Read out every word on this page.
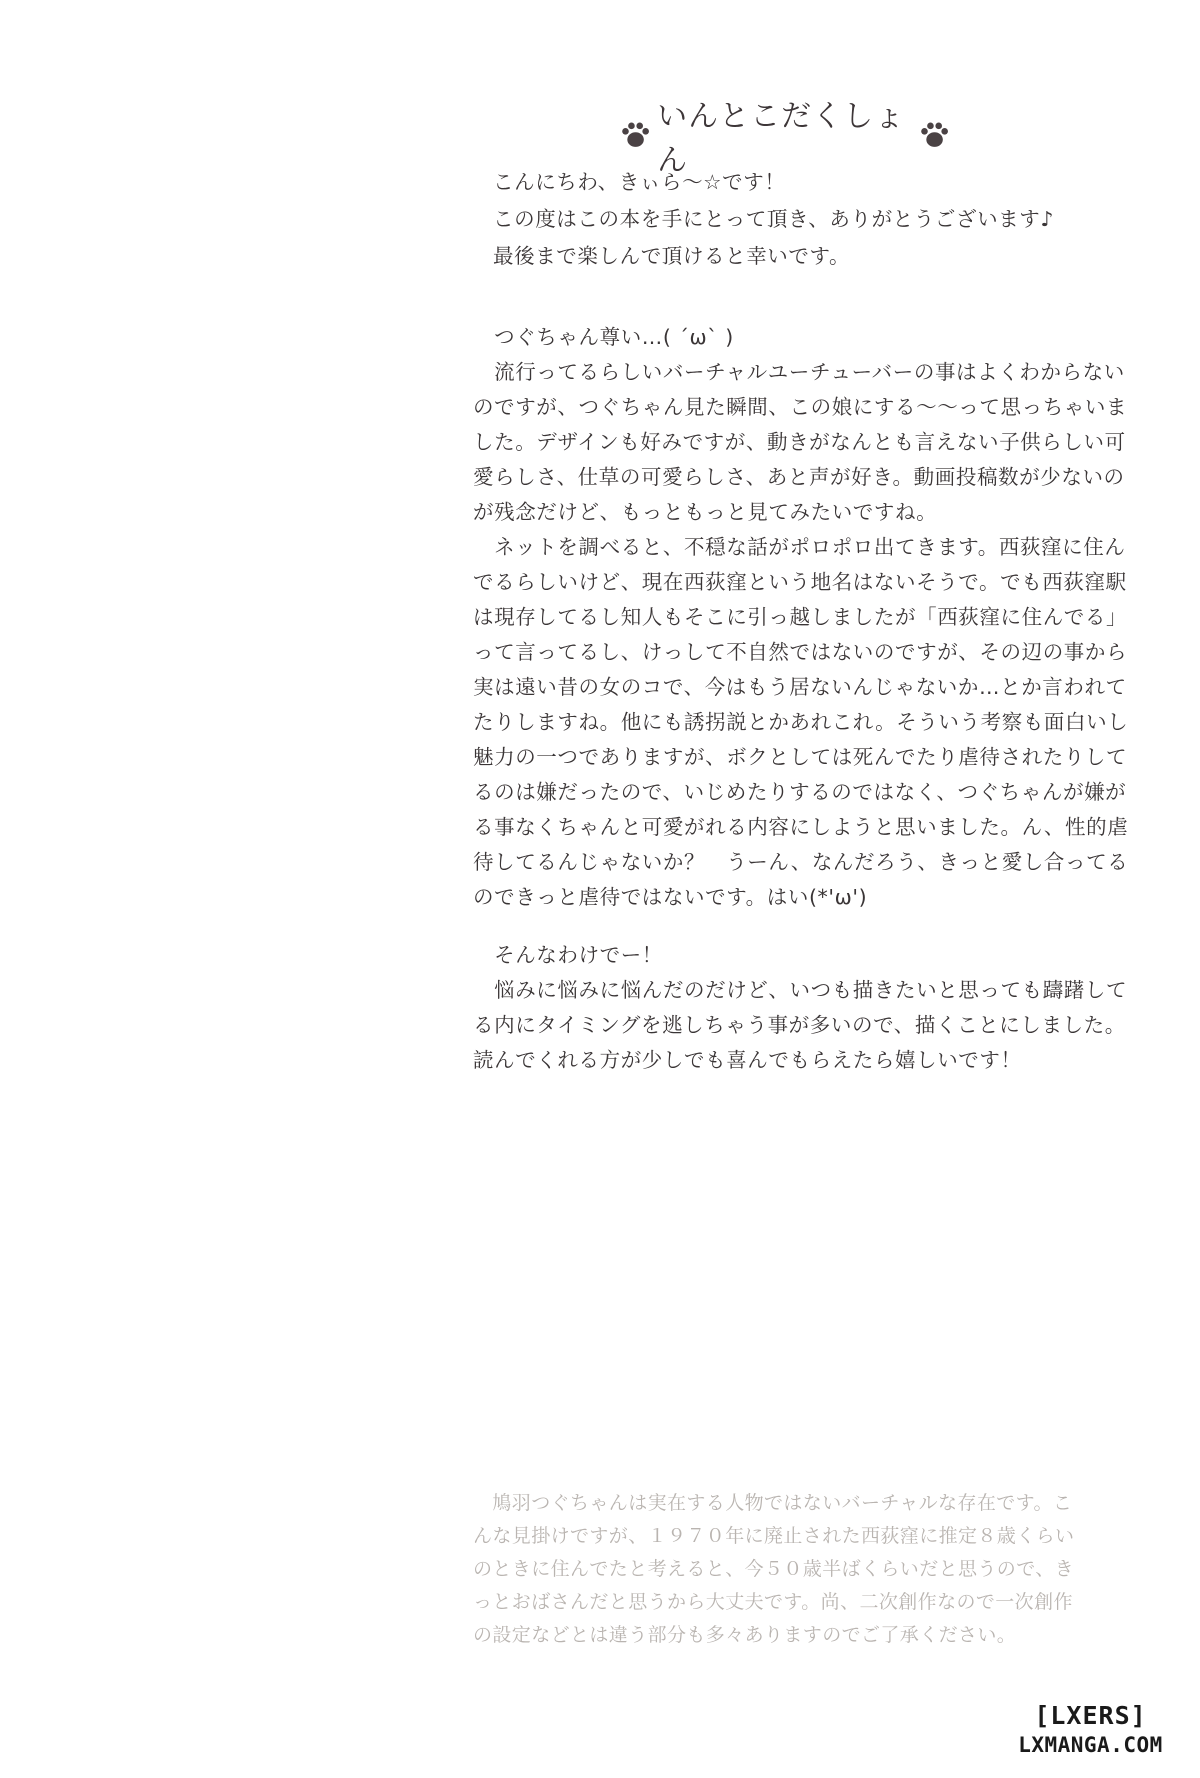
いんとこだくしょん

こんにちわ、きぃら～☆です！

この度はこの本を手にとって頂き、ありがとうございます♪

最後まで楽しんで頂けると幸いです。

　つぐちゃん尊い…( ´ω` )

　流行ってるらしいバーチャルユーチューバーの事はよくわからない

のですが、つぐちゃん見た瞬間、この娘にする～～って思っちゃいま

した。デザインも好みですが、動きがなんとも言えない子供らしい可

愛らしさ、仕草の可愛らしさ、あと声が好き。動画投稿数が少ないの

が残念だけど、もっともっと見てみたいですね。

　ネットを調べると、不穏な話がポロポロ出てきます。西荻窪に住ん

でるらしいけど、現在西荻窪という地名はないそうで。でも西荻窪駅

は現存してるし知人もそこに引っ越しましたが「西荻窪に住んでる」

って言ってるし、けっして不自然ではないのですが、その辺の事から

実は遠い昔の女のコで、今はもう居ないんじゃないか…とか言われて

たりしますね。他にも誘拐説とかあれこれ。そういう考察も面白いし

魅力の一つでありますが、ボクとしては死んでたり虐待されたりして

るのは嫌だったので、いじめたりするのではなく、つぐちゃんが嫌が

る事なくちゃんと可愛がれる内容にしようと思いました。ん、性的虐

待してるんじゃないか？　うーん、なんだろう、きっと愛し合ってる

のできっと虐待ではないです。はい(*'ω')

　そんなわけでー！

　悩みに悩みに悩んだのだけど、いつも描きたいと思っても躊躇して

る内にタイミングを逃しちゃう事が多いので、描くことにしました。

読んでくれる方が少しでも喜んでもらえたら嬉しいです！

　鳩羽つぐちゃんは実在する人物ではないバーチャルな存在です。こ

んな見掛けですが、１９７０年に廃止された西荻窪に推定８歳くらい

のときに住んでたと考えると、今５０歳半ばくらいだと思うので、き

っとおばさんだと思うから大丈夫です。尚、二次創作なので一次創作

の設定などとは違う部分も多々ありますのでご了承ください。

[LXERS]
LXMANGA.COM
